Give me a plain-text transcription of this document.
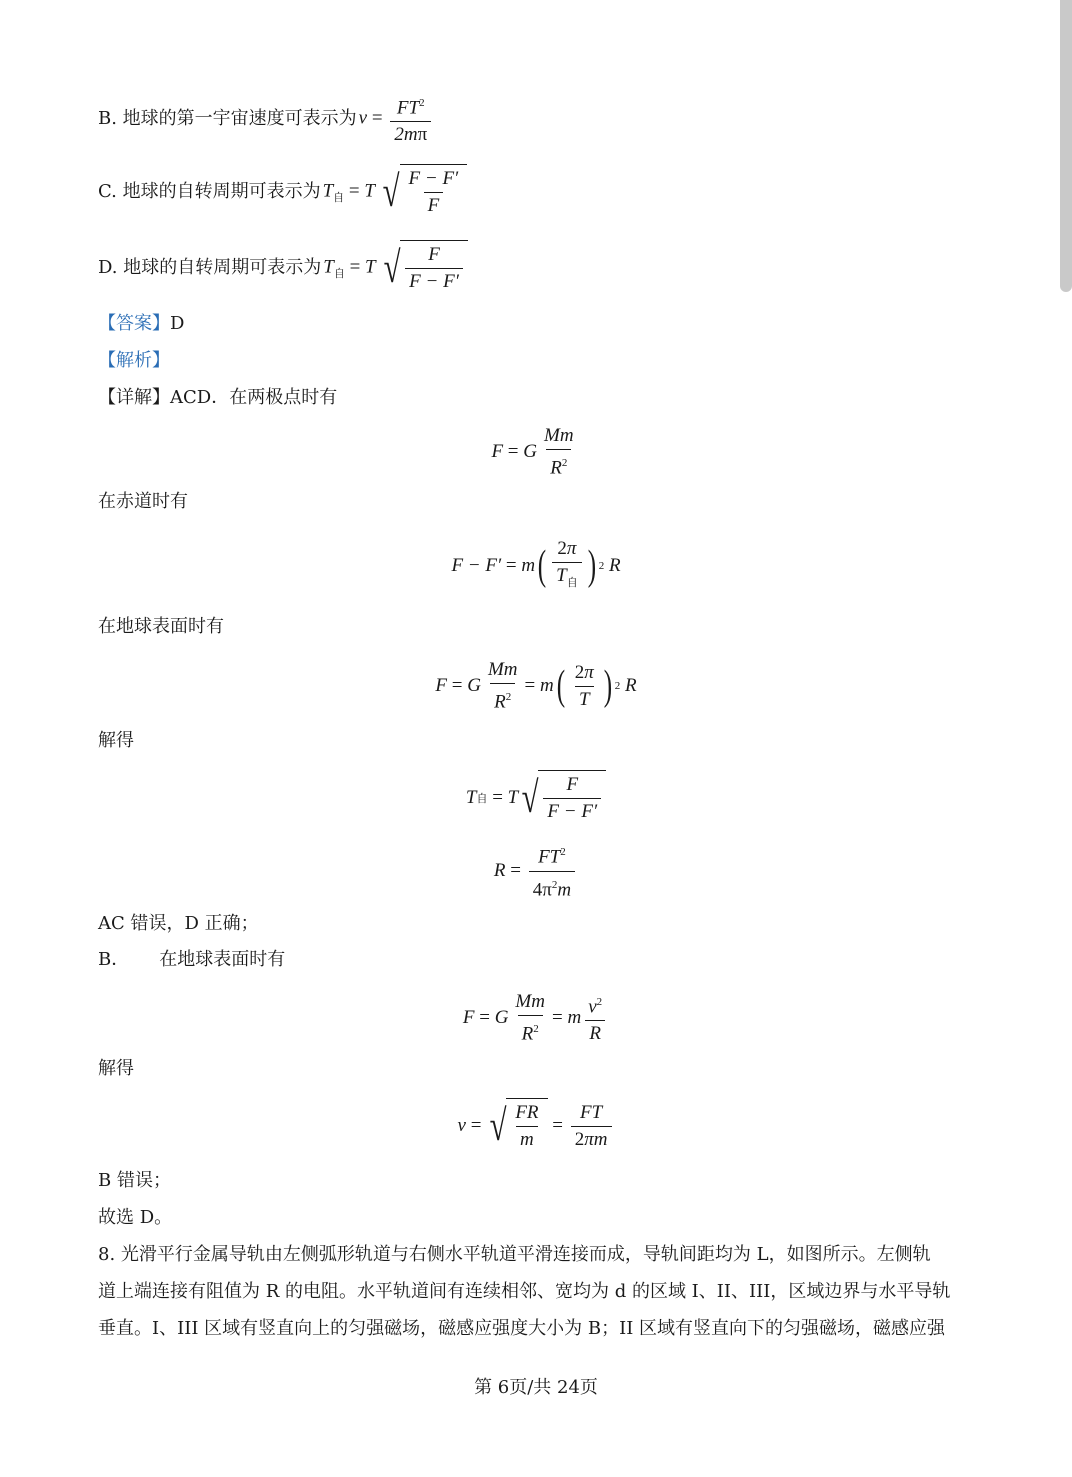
B. 地球的第一宇宙速度可表示为 $v = \frac{FT^2}{2m\pi}$
C. 地球的自转周期可表示为 $T_自 = T$ √ $\frac{F - F'}{F}$
D. 地球的自转周期可表示为 $T_自 = T$ √ $\frac{F}{F - F'}$
【答案】D
【解析】
【详解】ACD．在两极点时有
F = G $\frac{Mm}{R^2}$
在赤道时有
F − F′ = m ( $\frac{2\pi}{T_自}$ ) 2 R
在地球表面时有
F = G $\frac{Mm}{R^2} = m$ ( $\frac{2\pi}{T}$ ) 2 R
解得
T 自 = T √ $\frac{F}{F - F'}$
$R = \frac{FT^2}{4\pi^2m}$
AC 错误，D 正确；
B． 在地球表面时有
F = G $\frac{Mm}{R^2} = m \frac{v^2}{R}$
解得
v = √ $\frac{FR}{m} = \frac{FT}{2\pi m}$
B 错误；
故选 D。
8. 光滑平行金属导轨由左侧弧形轨道与右侧水平轨道平滑连接而成，导轨间距均为 L，如图所示。左侧轨
道上端连接有阻值为 R 的电阻。水平轨道间有连续相邻、宽均为 d 的区域 I、II、III，区域边界与水平导轨
垂直。I、III 区域有竖直向上的匀强磁场，磁感应强度大小为 B；II 区域有竖直向下的匀强磁场，磁感应强
第 6页/共 24页
